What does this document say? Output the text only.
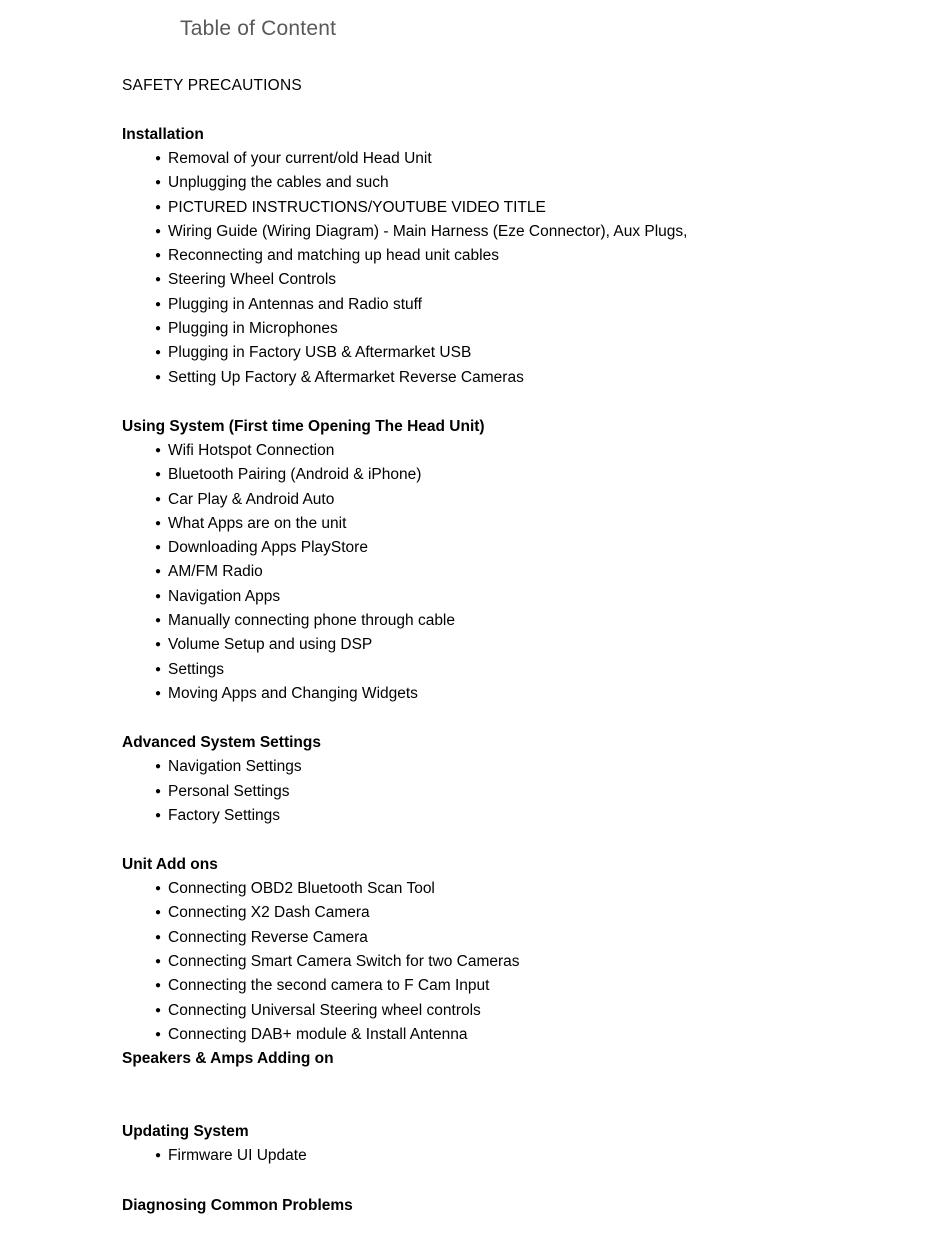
Table of Content
SAFETY PRECAUTIONS
Installation
● Removal of your current/old Head Unit
● Unplugging the cables and such
● PICTURED INSTRUCTIONS/YOUTUBE VIDEO TITLE
● Wiring Guide (Wiring Diagram) - Main Harness (Eze Connector), Aux Plugs,
● Reconnecting and matching up head unit cables
● Steering Wheel Controls
● Plugging in Antennas and Radio stuff
● Plugging in Microphones
● Plugging in Factory USB & Aftermarket USB
● Setting Up Factory & Aftermarket Reverse Cameras
Using System (First time Opening The Head Unit)
● Wifi Hotspot Connection
● Bluetooth Pairing (Android & iPhone)
● Car Play & Android Auto
● What Apps are on the unit
● Downloading Apps PlayStore
● AM/FM Radio
● Navigation Apps
● Manually connecting phone through cable
● Volume Setup and using DSP
● Settings
● Moving Apps and Changing Widgets
Advanced System Settings
● Navigation Settings
● Personal Settings
● Factory Settings
Unit Add ons
● Connecting OBD2 Bluetooth Scan Tool
● Connecting X2 Dash Camera
● Connecting Reverse Camera
● Connecting Smart Camera Switch for two Cameras
● Connecting the second camera to F Cam Input
● Connecting Universal Steering wheel controls
● Connecting DAB+ module & Install Antenna
Speakers & Amps Adding on
Updating System
● Firmware UI Update
Diagnosing Common Problems
